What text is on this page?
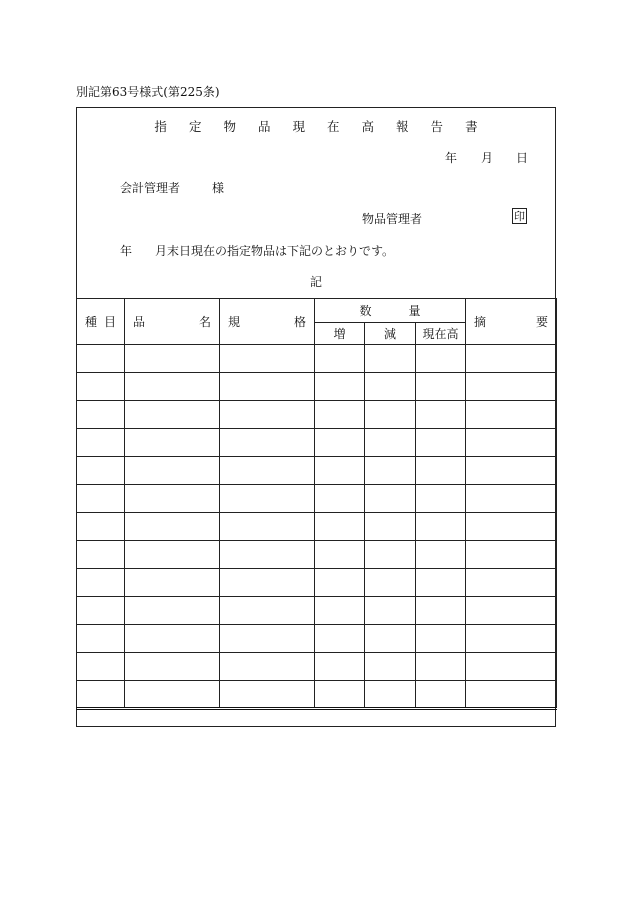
別記第63号様式(第225条)
指 定 物 品 現 在 高 報 告 書
年 月 日
会計管理者	様
物品管理者	印
年 月末日現在の指定物品は下記のとおりです。
記
種 目	品 名	規 格	数 量			摘 要

			増	減	現在高	
